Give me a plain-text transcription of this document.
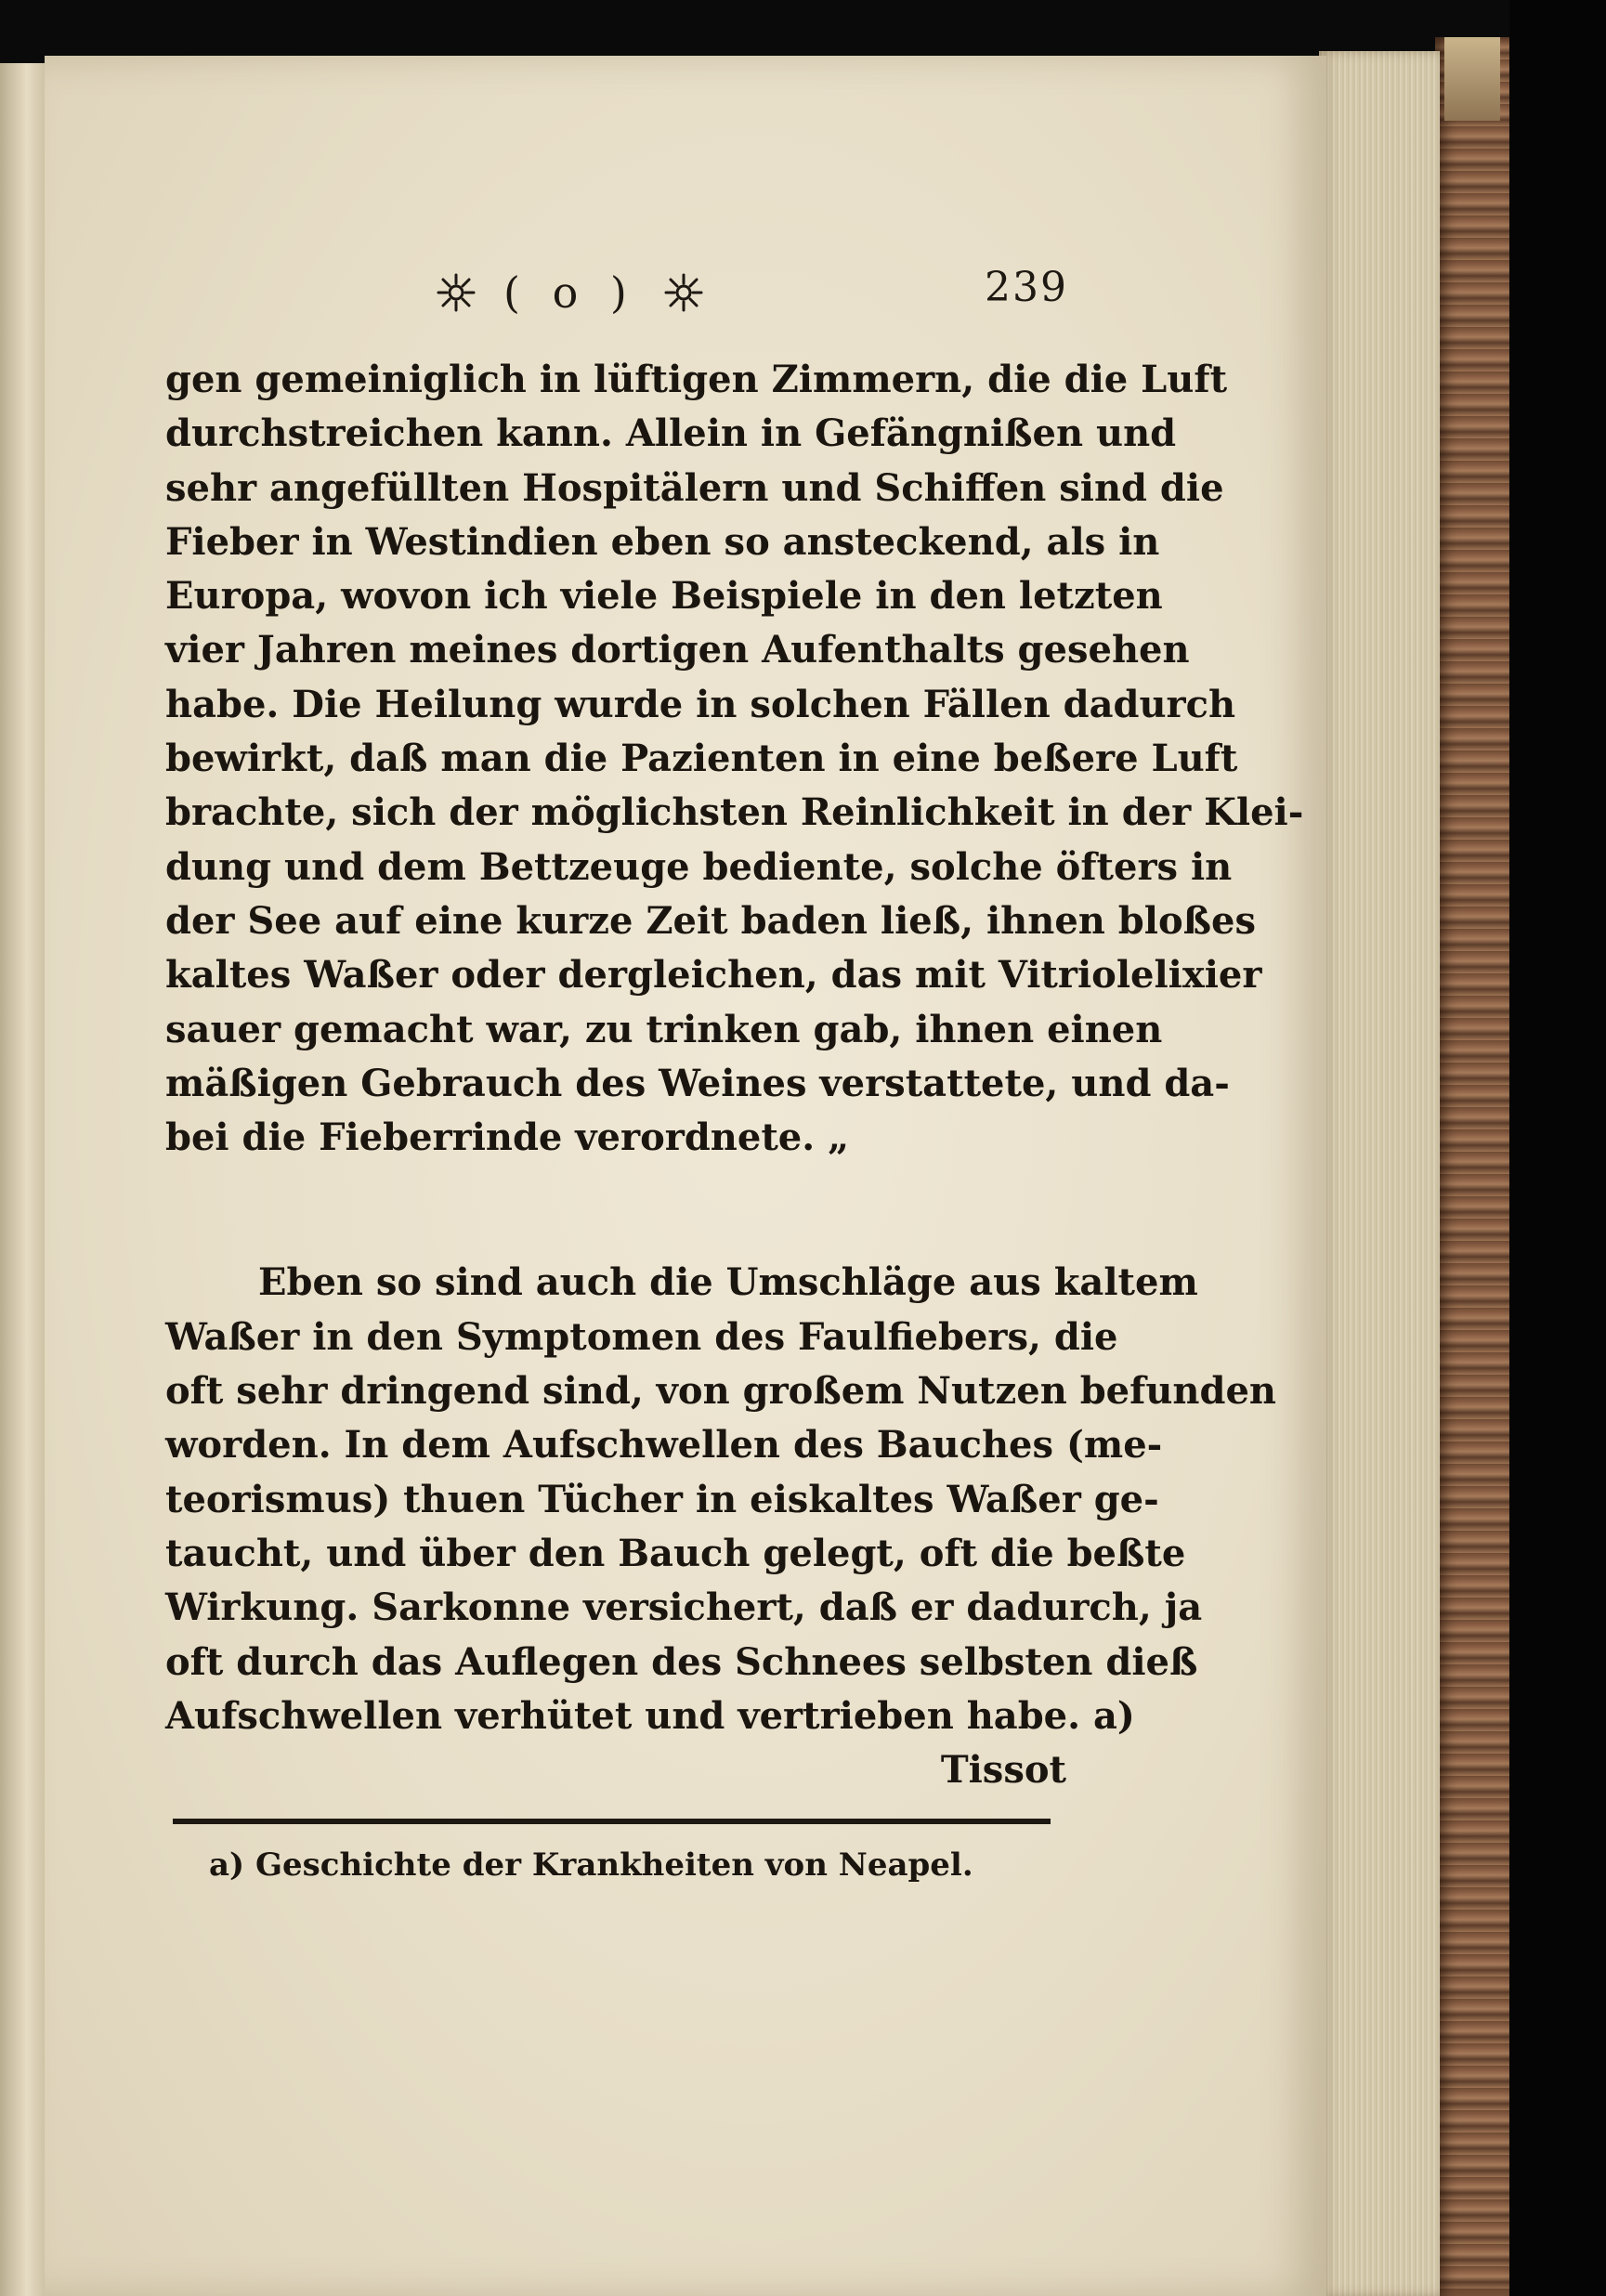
( o )	239
gen gemeiniglich in lüftigen Zimmern, die die Luft
durchstreichen kann. Allein in Gefängnißen und
sehr angefüllten Hospitälern und Schiffen sind die
Fieber in Westindien eben so ansteckend, als in
Europa, wovon ich viele Beispiele in den letzten
vier Jahren meines dortigen Aufenthalts gesehen
habe. Die Heilung wurde in solchen Fällen dadurch
bewirkt, daß man die Pazienten in eine beßere Luft
brachte, sich der möglichsten Reinlichkeit in der Klei-
dung und dem Bettzeuge bediente, solche öfters in
der See auf eine kurze Zeit baden ließ, ihnen bloßes
kaltes Waßer oder dergleichen, das mit Vitriolelixier
sauer gemacht war, zu trinken gab, ihnen einen
mäßigen Gebrauch des Weines verstattete, und da-
bei die Fieberrinde verordnete. „
Eben so sind auch die Umschläge aus kaltem
Waßer in den Symptomen des Faulfiebers, die
oft sehr dringend sind, von großem Nutzen befunden
worden. In dem Aufschwellen des Bauches (me-
teorismus) thuen Tücher in eiskaltes Waßer ge-
taucht, und über den Bauch gelegt, oft die beßte
Wirkung. Sarkonne versichert, daß er dadurch, ja
oft durch das Auflegen des Schnees selbsten dieß
Aufschwellen verhütet und vertrieben habe. a)
Tissot
a) Geschichte der Krankheiten von Neapel.
